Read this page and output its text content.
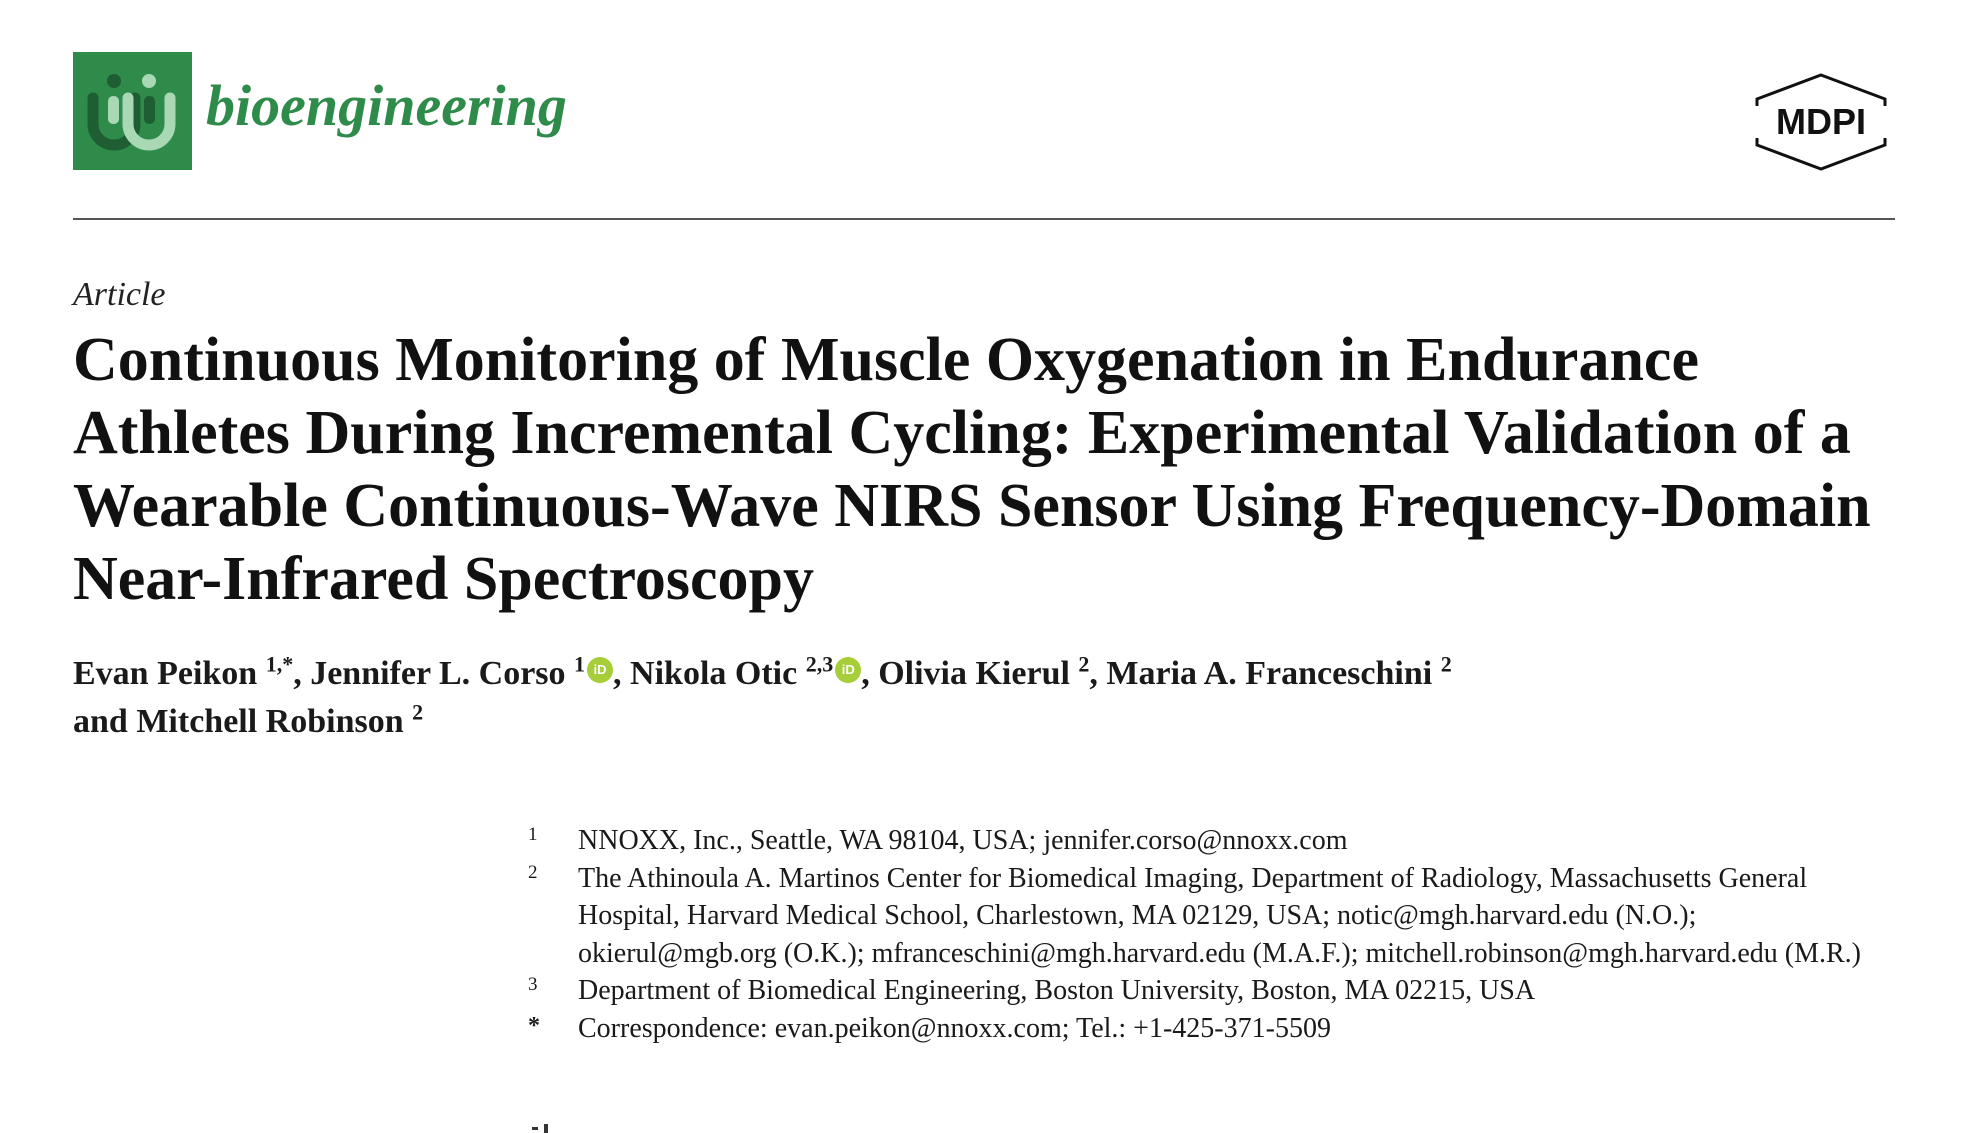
bioengineering	MDPI
Article
Continuous Monitoring of Muscle Oxygenation in Endurance Athletes During Incremental Cycling: Experimental Validation of a Wearable Continuous-Wave NIRS Sensor Using Frequency-Domain Near-Infrared Spectroscopy
Evan Peikon $^{1,*}$, Jennifer L. Corso $^1$ iD , Nikola Otic $^{2,3}$ iD , Olivia Kierul $^2$, Maria A. Franceschini $^2$
and Mitchell Robinson $^2$
1 NNOXX, Inc., Seattle, WA 98104, USA; jennifer.corso@nnoxx.com
2 The Athinoula A. Martinos Center for Biomedical Imaging, Department of Radiology, Massachusetts General Hospital, Harvard Medical School, Charlestown, MA 02129, USA; notic@mgh.harvard.edu (N.O.); okierul@mgb.org (O.K.); mfranceschini@mgh.harvard.edu (M.A.F.); mitchell.robinson@mgh.harvard.edu (M.R.)
3 Department of Biomedical Engineering, Boston University, Boston, MA 02215, USA
* Correspondence: evan.peikon@nnoxx.com; Tel.: +1-425-371-5509
